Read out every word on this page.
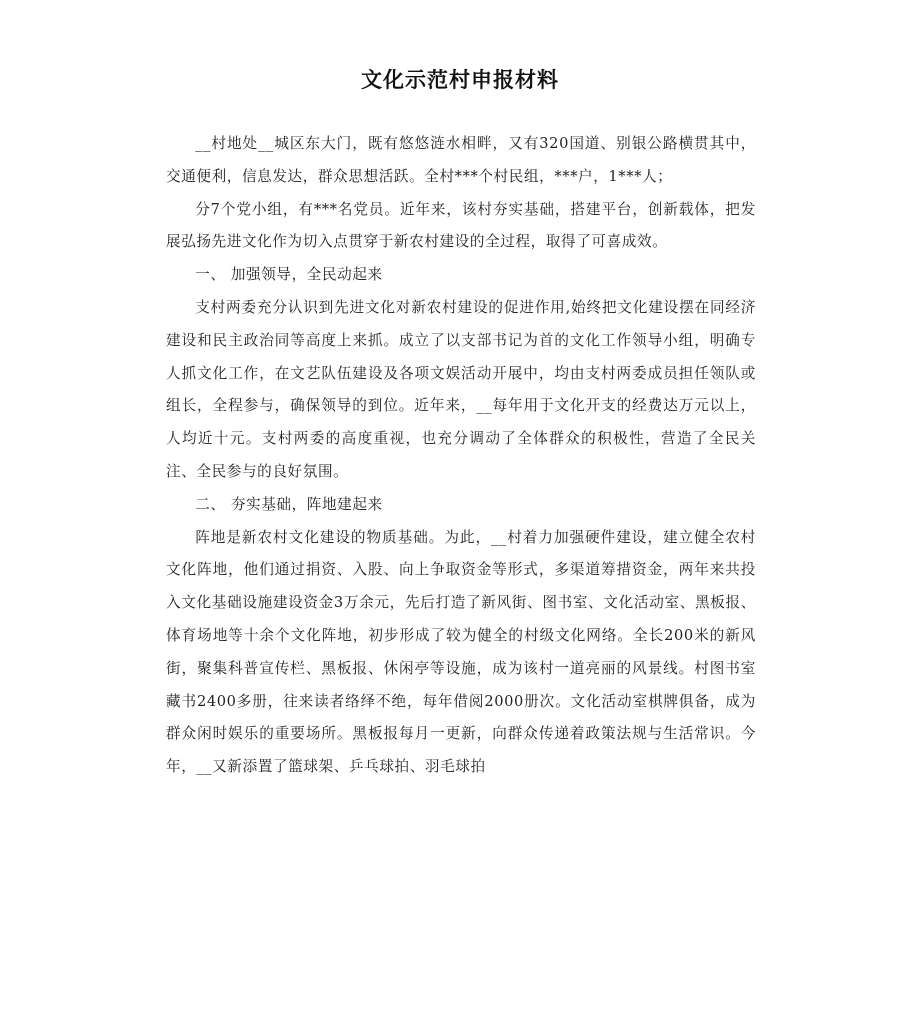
文化示范村申报材料

__村地处__城区东大门，既有悠悠涟水相畔，又有320国道、别银公路横贯其中，交通便利，信息发达，群众思想活跃。全村***个村民组，***户，1***人；

分7个党小组，有***名党员。近年来，该村夯实基础，搭建平台，创新载体，把发展弘扬先进文化作为切入点贯穿于新农村建设的全过程，取得了可喜成效。

一、 加强领导，全民动起来

支村两委充分认识到先进文化对新农村建设的促进作用,始终把文化建设摆在同经济建设和民主政治同等高度上来抓。成立了以支部书记为首的文化工作领导小组，明确专人抓文化工作，在文艺队伍建设及各项文娱活动开展中，均由支村两委成员担任领队或组长，全程参与，确保领导的到位。近年来，__每年用于文化开支的经费达万元以上，人均近十元。支村两委的高度重视，也充分调动了全体群众的积极性，营造了全民关注、全民参与的良好氛围。

二、 夯实基础，阵地建起来

阵地是新农村文化建设的物质基础。为此，__村着力加强硬件建设，建立健全农村文化阵地，他们通过捐资、入股、向上争取资金等形式，多渠道筹措资金，两年来共投入文化基础设施建设资金3万余元，先后打造了新风街、图书室、文化活动室、黑板报、体育场地等十余个文化阵地，初步形成了较为健全的村级文化网络。全长200米的新风街，聚集科普宣传栏、黑板报、休闲亭等设施，成为该村一道亮丽的风景线。村图书室藏书2400多册，往来读者络绎不绝，每年借阅2000册次。文化活动室棋牌俱备，成为群众闲时娱乐的重要场所。黑板报每月一更新，向群众传递着政策法规与生活常识。今年，__又新添置了篮球架、乒乓球拍、羽毛球拍
